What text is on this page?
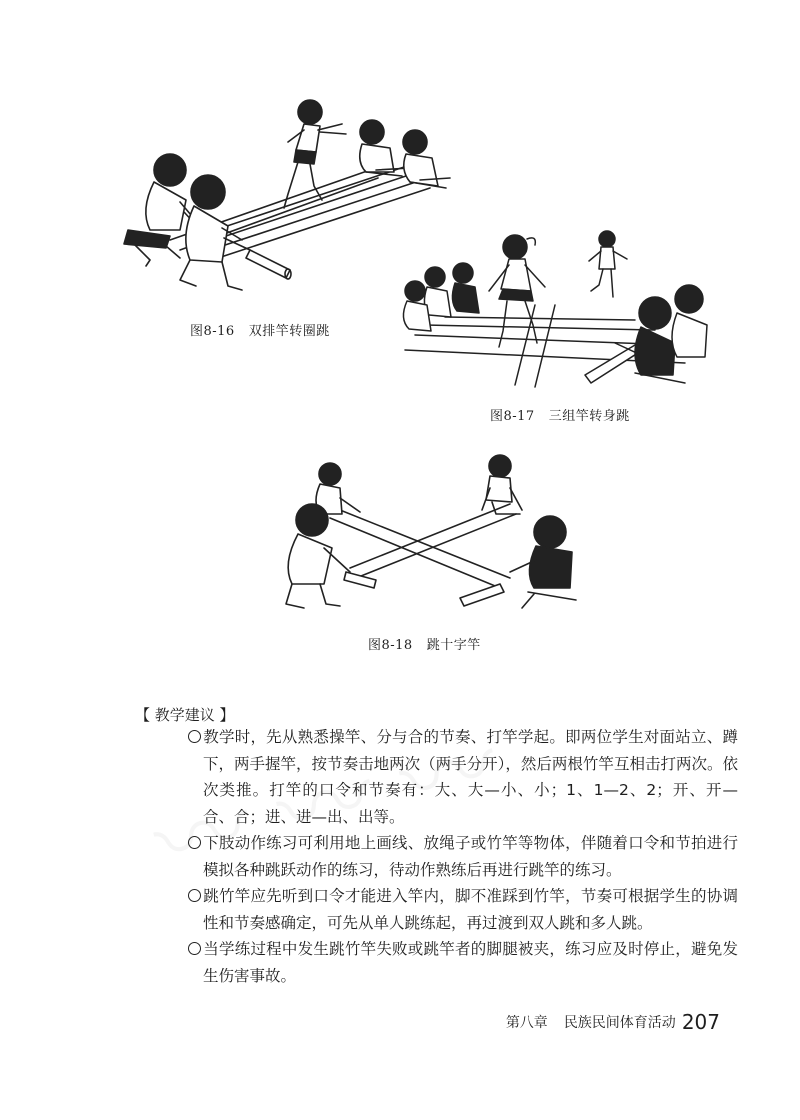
图8-16 双排竿转圈跳
图8-17 三组竿转身跳
图8-18 跳十字竿
【 教学建议 】
教学时，先从熟悉操竿、分与合的节奏、打竿学起。即两位学生对面站立、蹲下，两手握竿，按节奏击地两次（两手分开），然后两根竹竿互相击打两次。依次类推。打竿的口令和节奏有：大、大—小、小；1、1—2、2；开、开—合、合；进、进—出、出等。
下肢动作练习可利用地上画线、放绳子或竹竿等物体，伴随着口令和节拍进行模拟各种跳跃动作的练习，待动作熟练后再进行跳竿的练习。
跳竹竿应先听到口令才能进入竿内，脚不准踩到竹竿，节奏可根据学生的协调性和节奏感确定，可先从单人跳练起，再过渡到双人跳和多人跳。
当学练过程中发生跳竹竿失败或跳竿者的脚腿被夹，练习应及时停止，避免发生伤害事故。
第八章 民族民间体育活动 207
